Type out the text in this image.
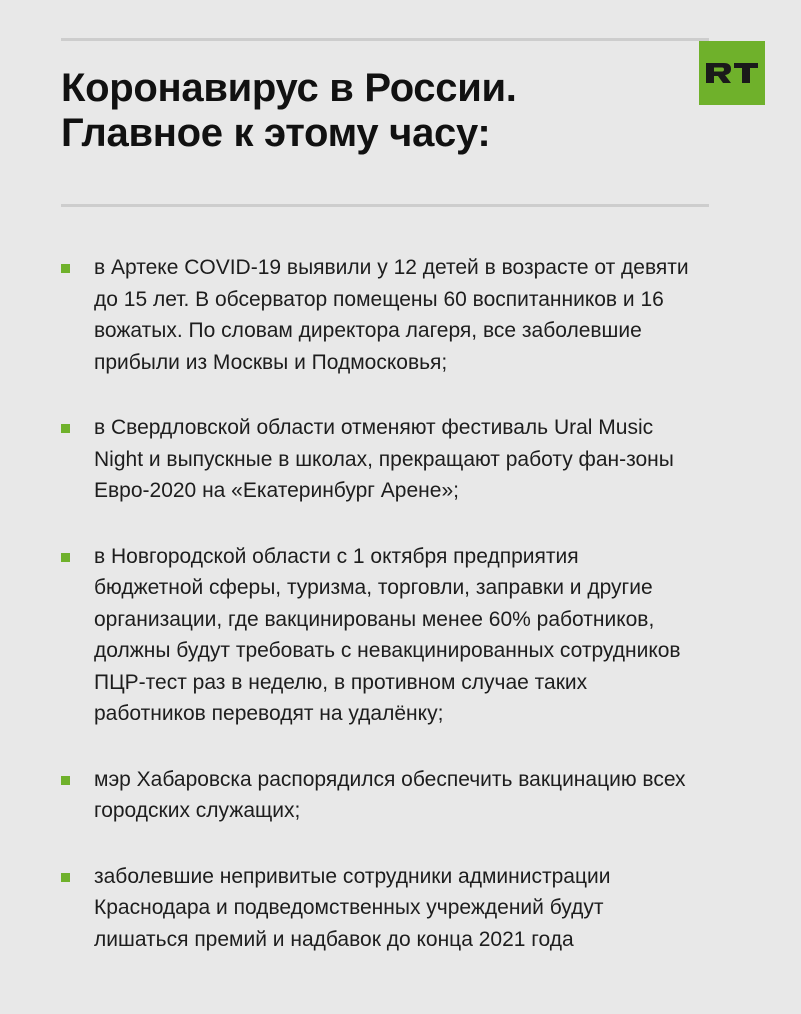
Коронавирус в России.
Главное к этому часу:
в Артеке COVID-19 выявили у 12 детей в возрасте от девяти
до 15 лет. В обсерватор помещены 60 воспитанников и 16
вожатых. По словам директора лагеря, все заболевшие
прибыли из Москвы и Подмосковья;
в Свердловской области отменяют фестиваль Ural Music
Night и выпускные в школах, прекращают работу фан-зоны
Евро-2020 на «Екатеринбург Арене»;
в Новгородской области с 1 октября предприятия
бюджетной сферы, туризма, торговли, заправки и другие
организации, где вакцинированы менее 60% работников,
должны будут требовать с невакцинированных сотрудников
ПЦР-тест раз в неделю, в противном случае таких
работников переводят на удалёнку;
мэр Хабаровска распорядился обеспечить вакцинацию всех
городских служащих;
заболевшие непривитые сотрудники администрации
Краснодара и подведомственных учреждений будут
лишаться премий и надбавок до конца 2021 года
